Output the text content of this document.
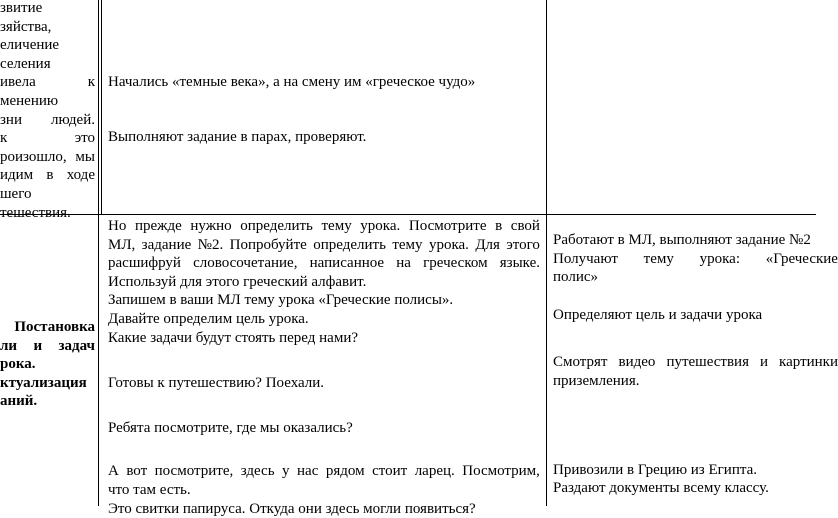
звитие
зяйства,
еличение
селения
ивела	к
менению
зни людей.
к	это
роизошло, мы
идим в ходе
шего
тешествия.
Начались «темные века», а на смену им «греческое чудо»
Выполняют задание в парах, проверяют.
Постановка
ли и задач
рока.
ктуализация
аний.
Но прежде нужно определить тему урока. Посмотрите в свой
МЛ, задание №2. Попробуйте определить тему урока. Для этого
расшифруй словосочетание, написанное на греческом языке.
Используй для этого греческий алфавит.
Запишем в ваши МЛ тему урока «Греческие полисы».
Давайте определим цель урока.
Какие задачи будут стоять перед нами?
Готовы к путешествию? Поехали.
Ребята посмотрите, где мы оказались?
А вот посмотрите, здесь у нас рядом стоит ларец. Посмотрим,
что там есть.
Это свитки папируса. Откуда они здесь могли появиться?
Работают в МЛ, выполняют задание №2
Получают тему урока: «Греческие
полис»
Определяют цель и задачи урока
Смотрят видео путешествия и картинки
приземления.
Привозили в Грецию из Египта.
Раздают документы всему классу.
